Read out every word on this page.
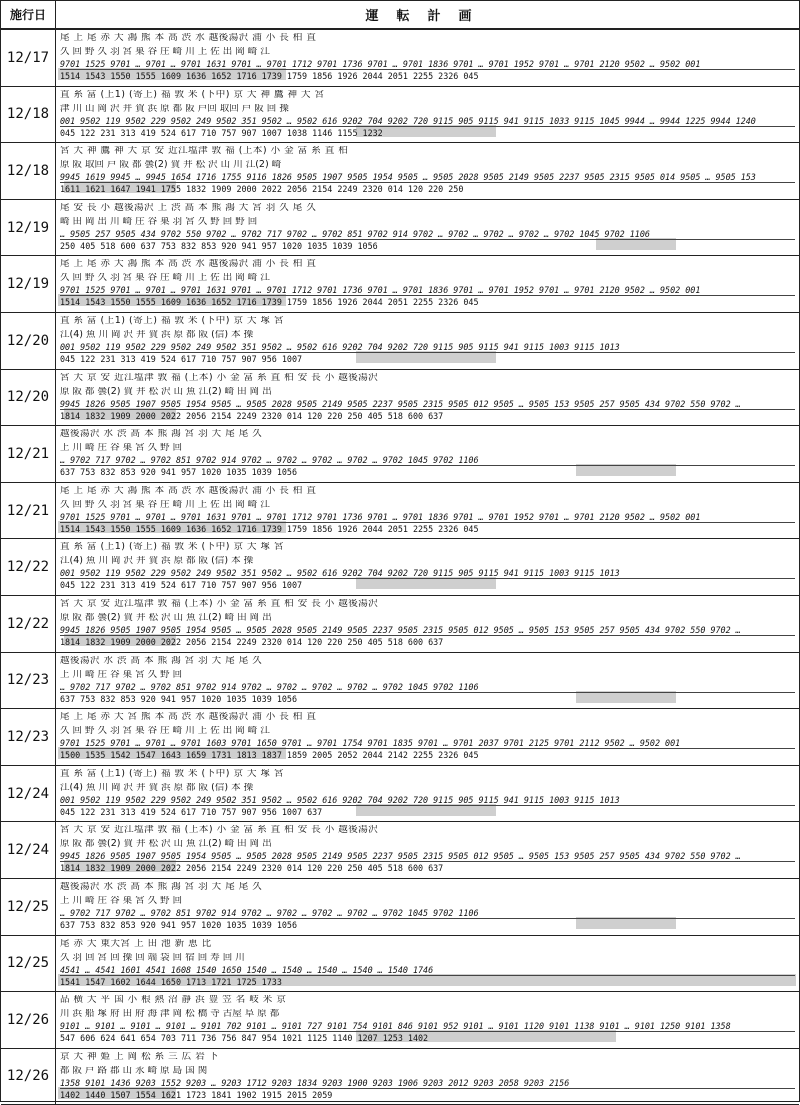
施行日	運転計画
12/17
尾 上 尾 赤 大 鴻 熊 本 高 渋 水 越後湯沢 浦 小 長 柏 直
久 回 野 久 羽 宮 巣 谷 庄 崎 川 上 佐 出 岡 崎 江
9701 1525 9701 … 9701 … 9701 1631 9701 … 9701 1712 9701 1736 9701 … 9701 1836 9701 … 9701 1952 9701 … 9701 2120 9502 … 9502 001
1514 1543 1550 1555 1609 1636 1652 1716 1739 1759 1856 1926 2044 2051 2255 2326 045
12/18
直 糸 富 (上1) (寄上) 福 敦 米 (下中) 京 大 神 鷹 神 大 宮
津 川 山 岡 沢 井 賀 浜 原 都 阪 戸回 取回 戸 阪 回 操
001 9502 119 9502 229 9502 249 9502 351 9502 … 9502 616 9202 704 9202 720 9115 905 9115 941 9115 1033 9115 1045 9944 … 9944 1225 9944 1240
045 122 231 313 419 524 617 710 757 907 1007 1038 1146 1155 1232
12/18
宮 大 神 鷹 神 大 京 安 近江塩津 敦 福 (上本) 小 金 富 糸 直 柏
原 阪 取回 戸 阪 都 曇(2) 賀 井 松 沢 山 川 江(2) 崎
9945 1619 9945 … 9945 1654 1716 1755 9116 1826 9505 1907 9505 1954 9505 … 9505 2028 9505 2149 9505 2237 9505 2315 9505 014 9505 … 9505 153
1611 1621 1647 1941 1755 1832 1909 2000 2022 2056 2154 2249 2320 014 120 220 250
12/19
尾 安 長 小 越後湯沢 上 渋 高 本 熊 鴻 大 宮 羽 久 尾 久
崎 田 岡 出 川 崎 庄 谷 巣 羽 宮 久 野 回 野 回
… 9505 257 9505 434 9702 550 9702 … 9702 717 9702 … 9702 851 9702 914 9702 … 9702 … 9702 … 9702 … 9702 1045 9702 1106
250 405 518 600 637 753 832 853 920 941 957 1020 1035 1039 1056
12/19
尾 上 尾 赤 大 鴻 熊 本 高 渋 水 越後湯沢 浦 小 長 柏 直
久 回 野 久 羽 宮 巣 谷 庄 崎 川 上 佐 出 岡 崎 江
9701 1525 9701 … 9701 … 9701 1631 9701 … 9701 1712 9701 1736 9701 … 9701 1836 9701 … 9701 1952 9701 … 9701 2120 9502 … 9502 001
1514 1543 1550 1555 1609 1636 1652 1716 1739 1759 1856 1926 2044 2051 2255 2326 045
12/20
直 糸 富 (上1) (寄上) 福 敦 米 (下中) 京 大 塚 宮
江(4) 魚 川 岡 沢 井 賀 浜 原 都 阪 (信) 本 操
001 9502 119 9502 229 9502 249 9502 351 9502 … 9502 616 9202 704 9202 720 9115 905 9115 941 9115 1003 9115 1013
045 122 231 313 419 524 617 710 757 907 956 1007
12/20
宮 大 京 安 近江塩津 敦 福 (上本) 小 金 富 糸 直 柏 安 長 小 越後湯沢
原 阪 都 曇(2) 賀 井 松 沢 山 魚 江(2) 崎 田 岡 出
9945 1826 9505 1907 9505 1954 9505 … 9505 2028 9505 2149 9505 2237 9505 2315 9505 012 9505 … 9505 153 9505 257 9505 434 9702 550 9702 …
1814 1832 1909 2000 2022 2056 2154 2249 2320 014 120 220 250 405 518 600 637
12/21
越後湯沢 水 渋 高 本 熊 鴻 宮 羽 大 尾 尾 久
上 川 崎 庄 谷 巣 宮 久 野 回
… 9702 717 9702 … 9702 851 9702 914 9702 … 9702 … 9702 … 9702 … 9702 1045 9702 1106
637 753 832 853 920 941 957 1020 1035 1039 1056
12/21
尾 上 尾 赤 大 鴻 熊 本 高 渋 水 越後湯沢 浦 小 長 柏 直
久 回 野 久 羽 宮 巣 谷 庄 崎 川 上 佐 出 岡 崎 江
9701 1525 9701 … 9701 … 9701 1631 9701 … 9701 1712 9701 1736 9701 … 9701 1836 9701 … 9701 1952 9701 … 9701 2120 9502 … 9502 001
1514 1543 1550 1555 1609 1636 1652 1716 1739 1759 1856 1926 2044 2051 2255 2326 045
12/22
直 糸 富 (上1) (寄上) 福 敦 米 (下中) 京 大 塚 宮
江(4) 魚 川 岡 沢 井 賀 浜 原 都 阪 (信) 本 操
001 9502 119 9502 229 9502 249 9502 351 9502 … 9502 616 9202 704 9202 720 9115 905 9115 941 9115 1003 9115 1013
045 122 231 313 419 524 617 710 757 907 956 1007
12/22
宮 大 京 安 近江塩津 敦 福 (上本) 小 金 富 糸 直 柏 安 長 小 越後湯沢
原 阪 都 曇(2) 賀 井 松 沢 山 魚 江(2) 崎 田 岡 出
9945 1826 9505 1907 9505 1954 9505 … 9505 2028 9505 2149 9505 2237 9505 2315 9505 012 9505 … 9505 153 9505 257 9505 434 9702 550 9702 …
1814 1832 1909 2000 2022 2056 2154 2249 2320 014 120 220 250 405 518 600 637
12/23
越後湯沢 水 渋 高 本 熊 鴻 宮 羽 大 尾 尾 久
上 川 崎 庄 谷 巣 宮 久 野 回
… 9702 717 9702 … 9702 851 9702 914 9702 … 9702 … 9702 … 9702 … 9702 1045 9702 1106
637 753 832 853 920 941 957 1020 1035 1039 1056
12/23
尾 上 尾 赤 大 宮 熊 本 高 渋 水 越後湯沢 浦 小 長 柏 直
久 回 野 久 羽 宮 巣 谷 庄 崎 川 上 佐 出 岡 崎 江
9701 1525 9701 … 9701 … 9701 1603 9701 1650 9701 … 9701 1754 9701 1835 9701 … 9701 2037 9701 2125 9701 2112 9502 … 9502 001
1500 1535 1542 1547 1643 1659 1731 1813 1837 1859 2005 2052 2044 2142 2255 2326 045
12/24
直 糸 富 (上1) (寄上) 福 敦 米 (下中) 京 大 塚 宮
江(4) 魚 川 岡 沢 井 賀 浜 原 都 阪 (信) 本 操
001 9502 119 9502 229 9502 249 9502 351 9502 … 9502 616 9202 704 9202 720 9115 905 9115 941 9115 1003 9115 1013
045 122 231 313 419 524 617 710 757 907 956 1007 637
12/24
宮 大 京 安 近江塩津 敦 福 (上本) 小 金 富 糸 直 柏 安 長 小 越後湯沢
原 阪 都 曇(2) 賀 井 松 沢 山 魚 江(2) 崎 田 岡 出
9945 1826 9505 1907 9505 1954 9505 … 9505 2028 9505 2149 9505 2237 9505 2315 9505 012 9505 … 9505 153 9505 257 9505 434 9702 550 9702 …
1814 1832 1909 2000 2022 2056 2154 2249 2320 014 120 220 250 405 518 600 637
12/25
越後湯沢 水 渋 高 本 熊 鴻 宮 羽 大 尾 尾 久
上 川 崎 庄 谷 巣 宮 久 野 回
… 9702 717 9702 … 9702 851 9702 914 9702 … 9702 … 9702 … 9702 … 9702 1045 9702 1106
637 753 832 853 920 941 957 1020 1035 1039 1056
12/25
尾 赤 大 東大宮 上 田 池 新 恵 比
久 羽 回 宮 回 操 回 端 袋 回 宿 回 寿 回 川
4541 … 4541 1601 4541 1608 1540 1650 1540 … 1540 … 1540 … 1540 … 1540 1746
1541 1547 1602 1644 1650 1713 1721 1725 1733
12/26
品 横 大 平 国 小 根 熱 沼 静 浜 豊 笠 名 岐 米 京
川 浜 船 塚 府 田 府 海 津 岡 松 橋 寺 古屋 阜 原 都
9101 … 9101 … 9101 … 9101 … 9101 702 9101 … 9101 727 9101 754 9101 846 9101 952 9101 … 9101 1120 9101 1138 9101 … 9101 1250 9101 1358
547 606 624 641 654 703 711 736 756 847 954 1021 1125 1140 1207 1253 1402
12/26
京 大 神 姫 上 岡 松 糸 三 広 岩 下
都 阪 戸 路 郡 山 永 崎 原 島 国 関
1358 9101 1436 9203 1552 9203 … 9203 1712 9203 1834 9203 1900 9203 1906 9203 2012 9203 2058 9203 2156
1402 1440 1507 1554 1621 1723 1841 1902 1915 2015 2059
